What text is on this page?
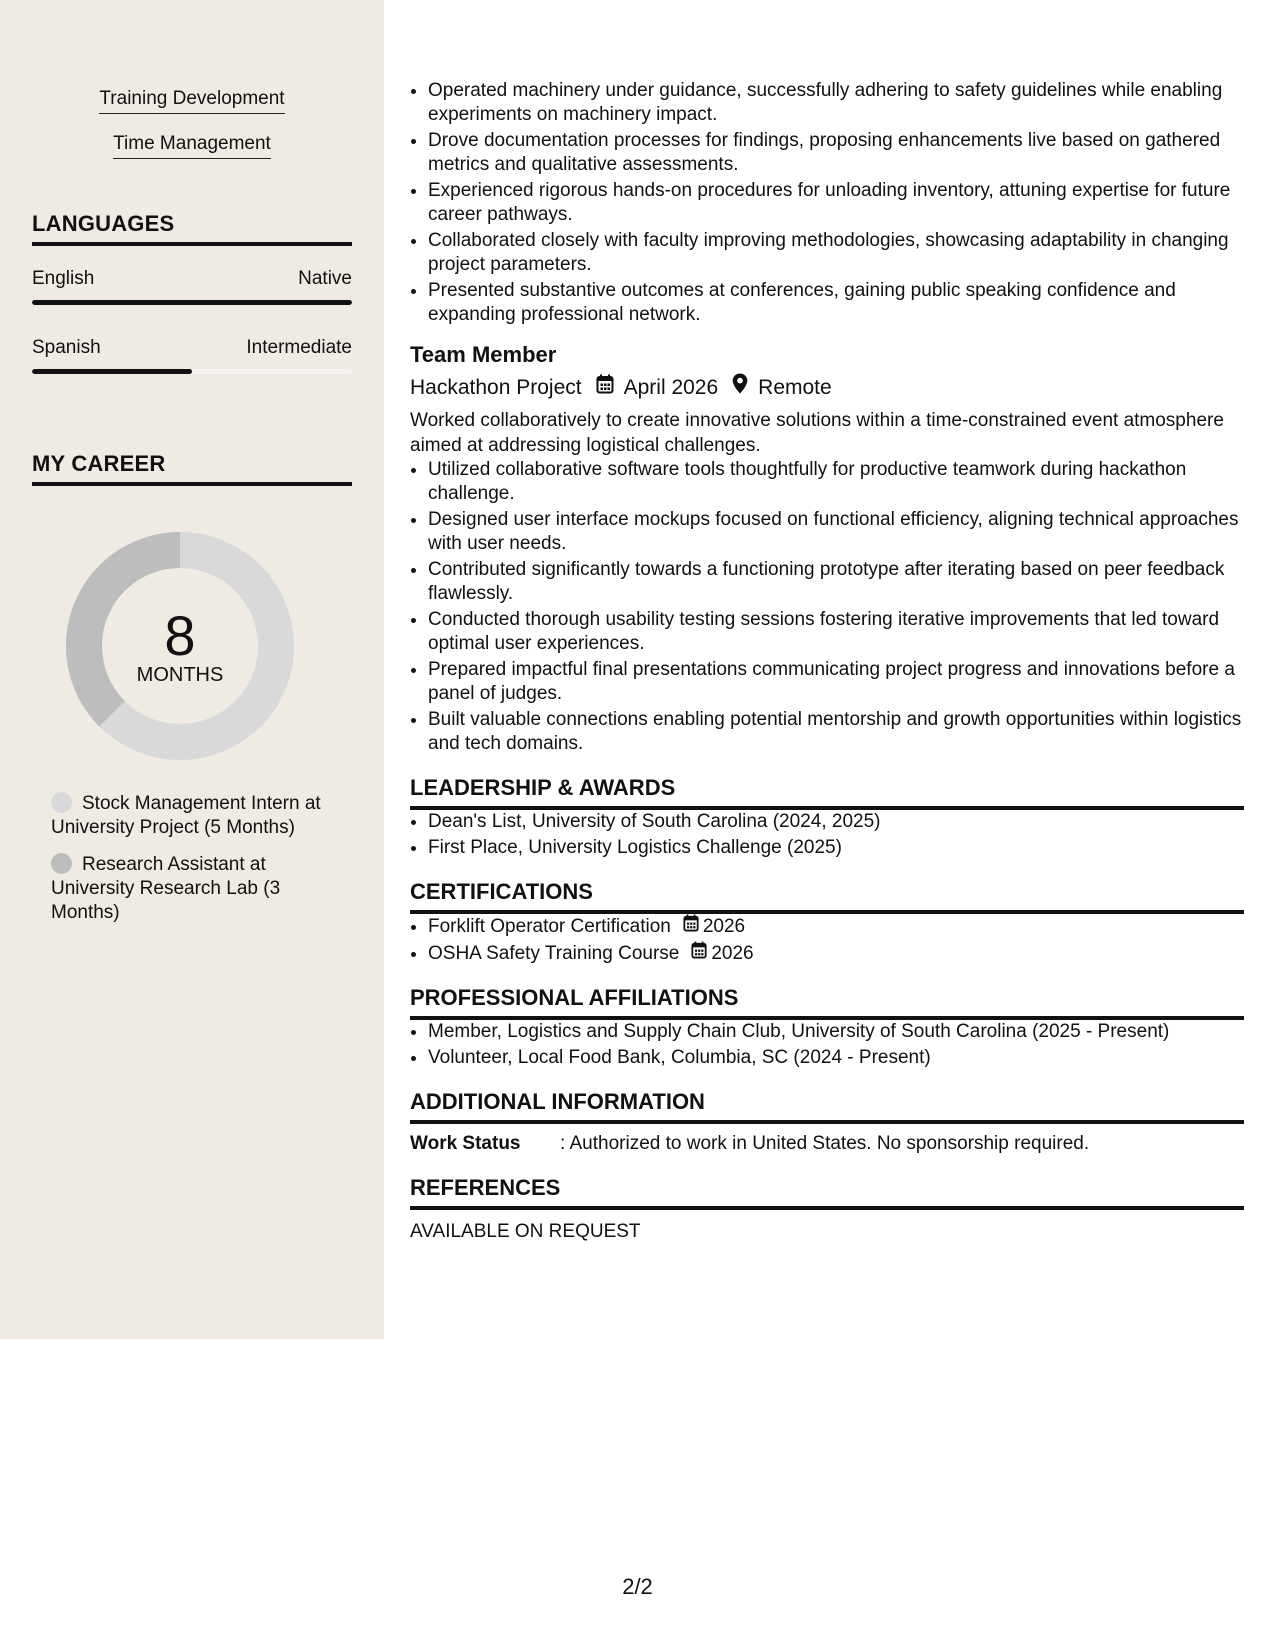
Training Development
Time Management
LANGUAGES
English	Native
Spanish	Intermediate
MY CAREER
8
MONTHS
Stock Management Intern at University Project (5 Months)
Research Assistant at University Research Lab (3 Months)
• Operated machinery under guidance, successfully adhering to safety guidelines while enabling experiments on machinery impact.
• Drove documentation processes for findings, proposing enhancements live based on gathered metrics and qualitative assessments.
• Experienced rigorous hands-on procedures for unloading inventory, attuning expertise for future career pathways.
• Collaborated closely with faculty improving methodologies, showcasing adaptability in changing project parameters.
• Presented substantive outcomes at conferences, gaining public speaking confidence and expanding professional network.
Team Member
Hackathon Project April 2026 Remote
Worked collaboratively to create innovative solutions within a time-constrained event atmosphere aimed at addressing logistical challenges.
• Utilized collaborative software tools thoughtfully for productive teamwork during hackathon challenge.
• Designed user interface mockups focused on functional efficiency, aligning technical approaches with user needs.
• Contributed significantly towards a functioning prototype after iterating based on peer feedback flawlessly.
• Conducted thorough usability testing sessions fostering iterative improvements that led toward optimal user experiences.
• Prepared impactful final presentations communicating project progress and innovations before a panel of judges.
• Built valuable connections enabling potential mentorship and growth opportunities within logistics and tech domains.
LEADERSHIP & AWARDS
• Dean's List, University of South Carolina (2024, 2025)
• First Place, University Logistics Challenge (2025)
CERTIFICATIONS
• Forklift Operator Certification 2026
• OSHA Safety Training Course 2026
PROFESSIONAL AFFILIATIONS
• Member, Logistics and Supply Chain Club, University of South Carolina (2025 - Present)
• Volunteer, Local Food Bank, Columbia, SC (2024 - Present)
ADDITIONAL INFORMATION
Work Status : Authorized to work in United States. No sponsorship required.
REFERENCES
AVAILABLE ON REQUEST
2/2
